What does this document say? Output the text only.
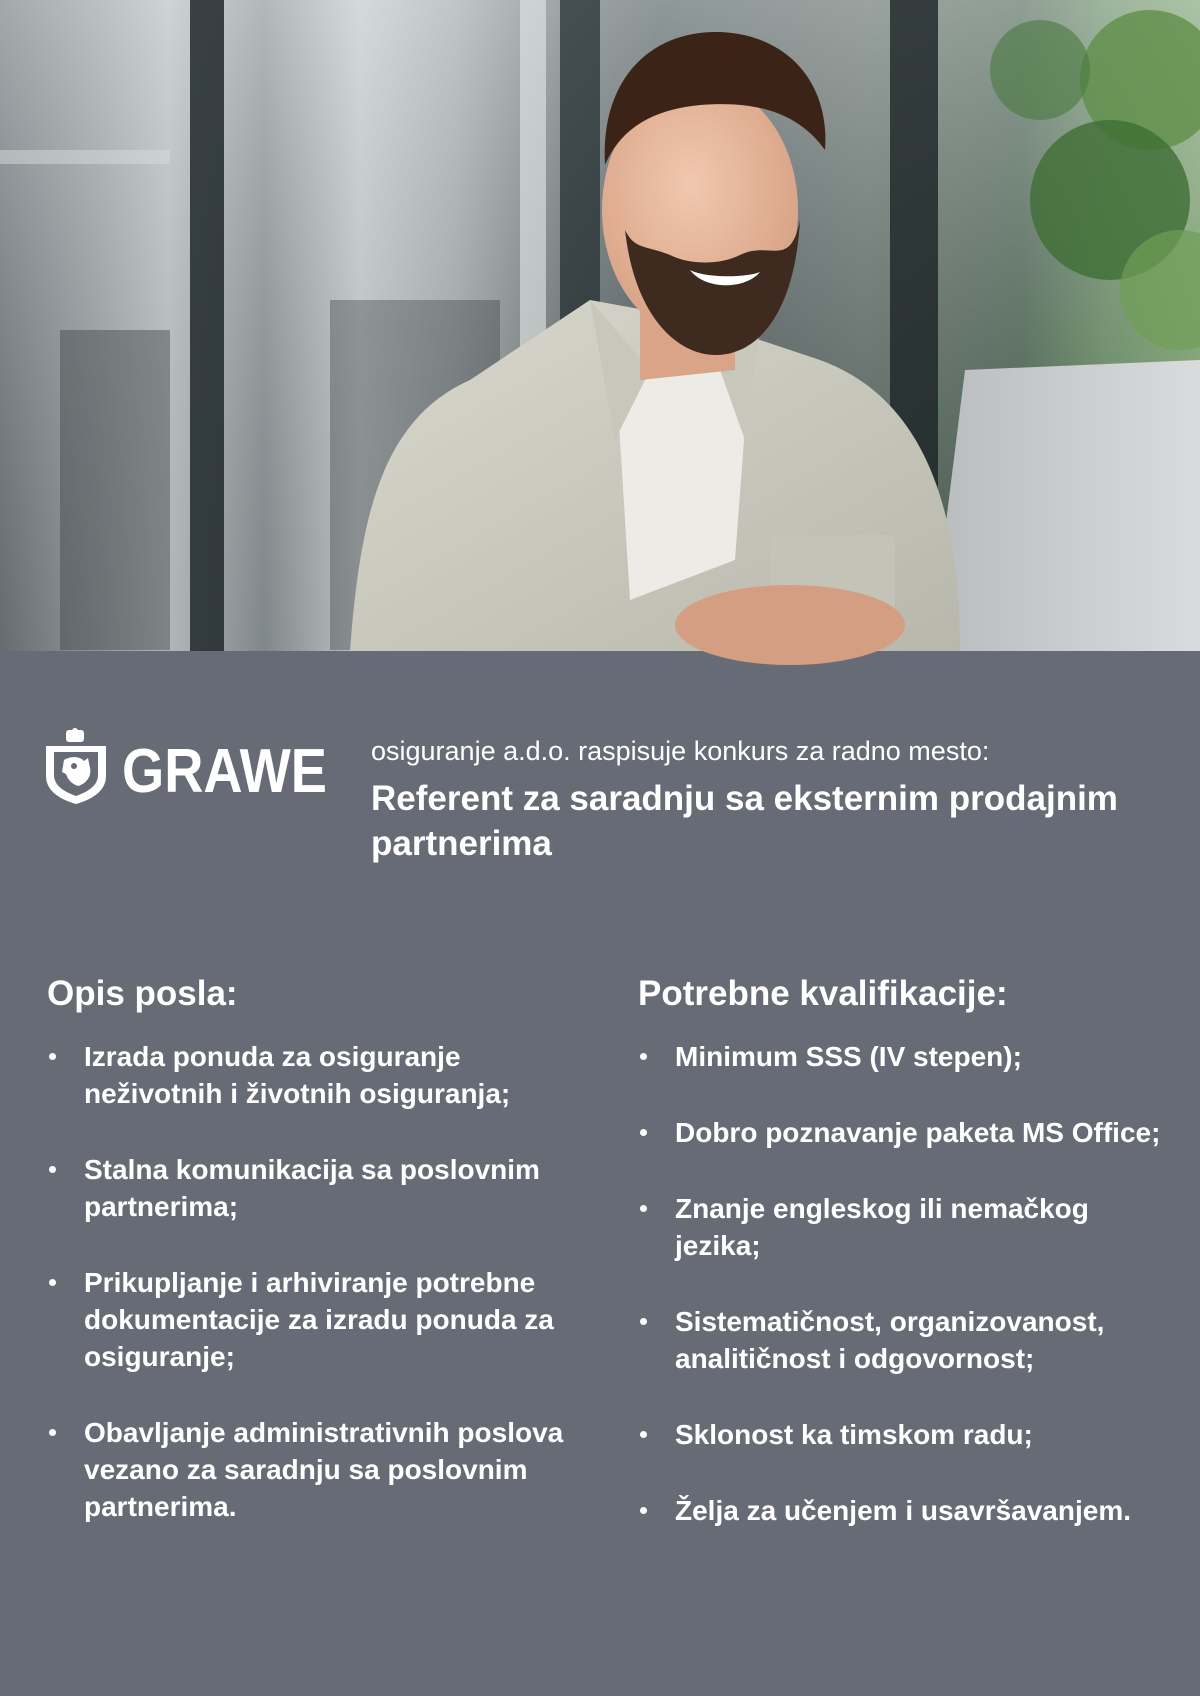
GRAWE osiguranje a.d.o. raspisuje konkurs za radno mesto:
Referent za saradnju sa eksternim prodajnim partnerima
Opis posla:
Izrada ponuda za osiguranje neživotnih i životnih osiguranja;
Stalna komunikacija sa poslovnim partnerima;
Prikupljanje i arhiviranje potrebne dokumentacije za izradu ponuda za osiguranje;
Obavljanje administrativnih poslova vezano za saradnju sa poslovnim partnerima.
Potrebne kvalifikacije:
Minimum SSS (IV stepen);
Dobro poznavanje paketa MS Office;
Znanje engleskog ili nemačkog jezika;
Sistematičnost, organizovanost, analitičnost i odgovornost;
Sklonost ka timskom radu;
Želja za učenjem i usavršavanjem.
